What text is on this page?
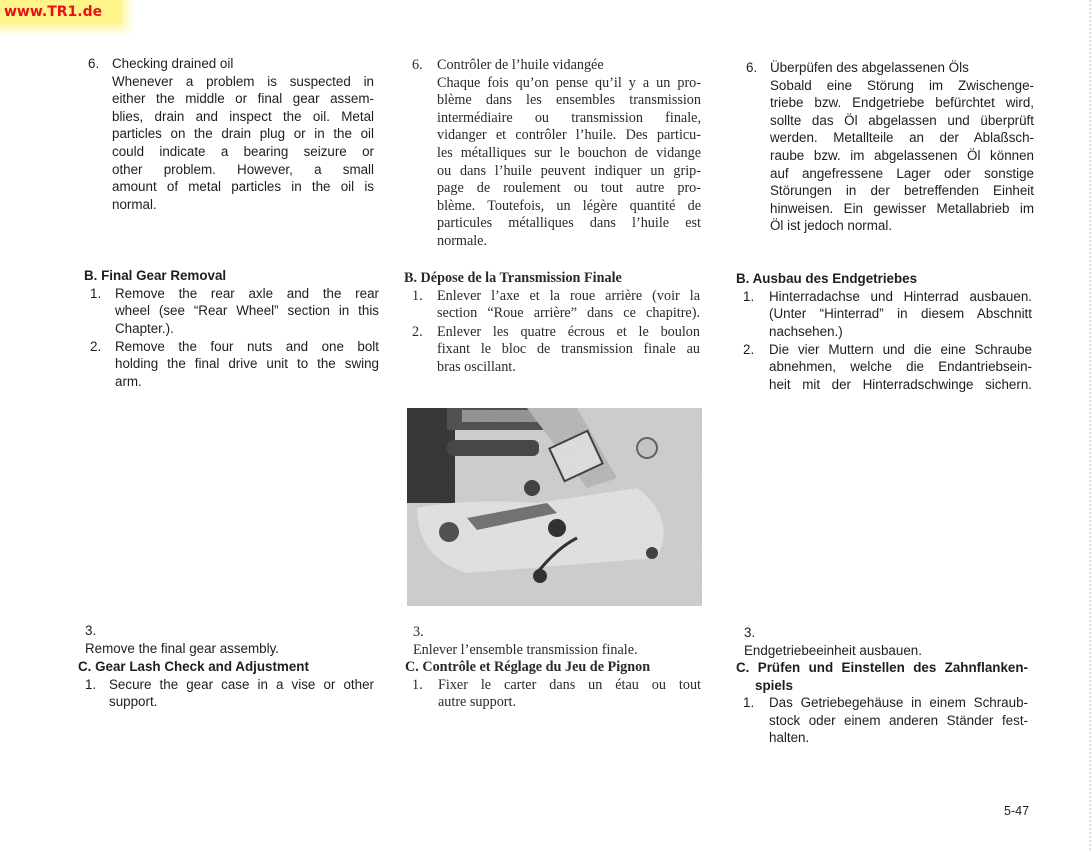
www.TR1.de
6. Checking drained oil
Whenever a problem is suspected in
either the middle or final gear assem-
blies, drain and inspect the oil. Metal
particles on the drain plug or in the oil
could indicate a bearing seizure or
other problem. However, a small
amount of metal particles in the oil is
normal.
B. Final Gear Removal
1. Remove the rear axle and the rear
wheel (see “Rear Wheel” section in this
Chapter.).
2. Remove the four nuts and one bolt
holding the final drive unit to the swing
arm.
3.Remove the final gear assembly.
C. Gear Lash Check and Adjustment
1. Secure the gear case in a vise or other
support.
6. Contrôler de l’huile vidangée
Chaque fois qu’on pense qu’il y a un pro-
blème dans les ensembles transmission
intermédiaire ou transmission finale,
vidanger et contrôler l’huile. Des particu-
les métalliques sur le bouchon de vidange
ou dans l’huile peuvent indiquer un grip-
page de roulement ou tout autre pro-
blème. Toutefois, un légère quantité de
particules métalliques dans l’huile est
normale.
B. Dépose de la Transmission Finale
1. Enlever l’axe et la roue arrière (voir la
section “Roue arrière” dans ce chapitre).
2. Enlever les quatre écrous et le boulon
fixant le bloc de transmission finale au
bras oscillant.
3.Enlever l’ensemble transmission finale.
C. Contrôle et Réglage du Jeu de Pignon
1. Fixer le carter dans un étau ou tout
autre support.
6. Überpüfen des abgelassenen Öls
Sobald eine Störung im Zwischenge-
triebe bzw. Endgetriebe befürchtet wird,
sollte das Öl abgelassen und überprüft
werden. Metallteile an der Ablaßsch-
raube bzw. im abgelassenen Öl können
auf angefressene Lager oder sonstige
Störungen in der betreffenden Einheit
hinweisen. Ein gewisser Metallabrieb im
Öl ist jedoch normal.
B. Ausbau des Endgetriebes
1. Hinterradachse und Hinterrad ausbauen.
(Unter “Hinterrad” in diesem Abschnitt
nachsehen.)
2. Die vier Muttern und die eine Schraube
abnehmen, welche die Endantriebsein-
heit mit der Hinterradschwinge sichern.
3.Endgetriebeeinheit ausbauen.
C. Prüfen und Einstellen des Zahnflanken-
spiels
1. Das Getriebegehäuse in einem Schraub-
stock oder einem anderen Ständer fest-
halten.
5-47
